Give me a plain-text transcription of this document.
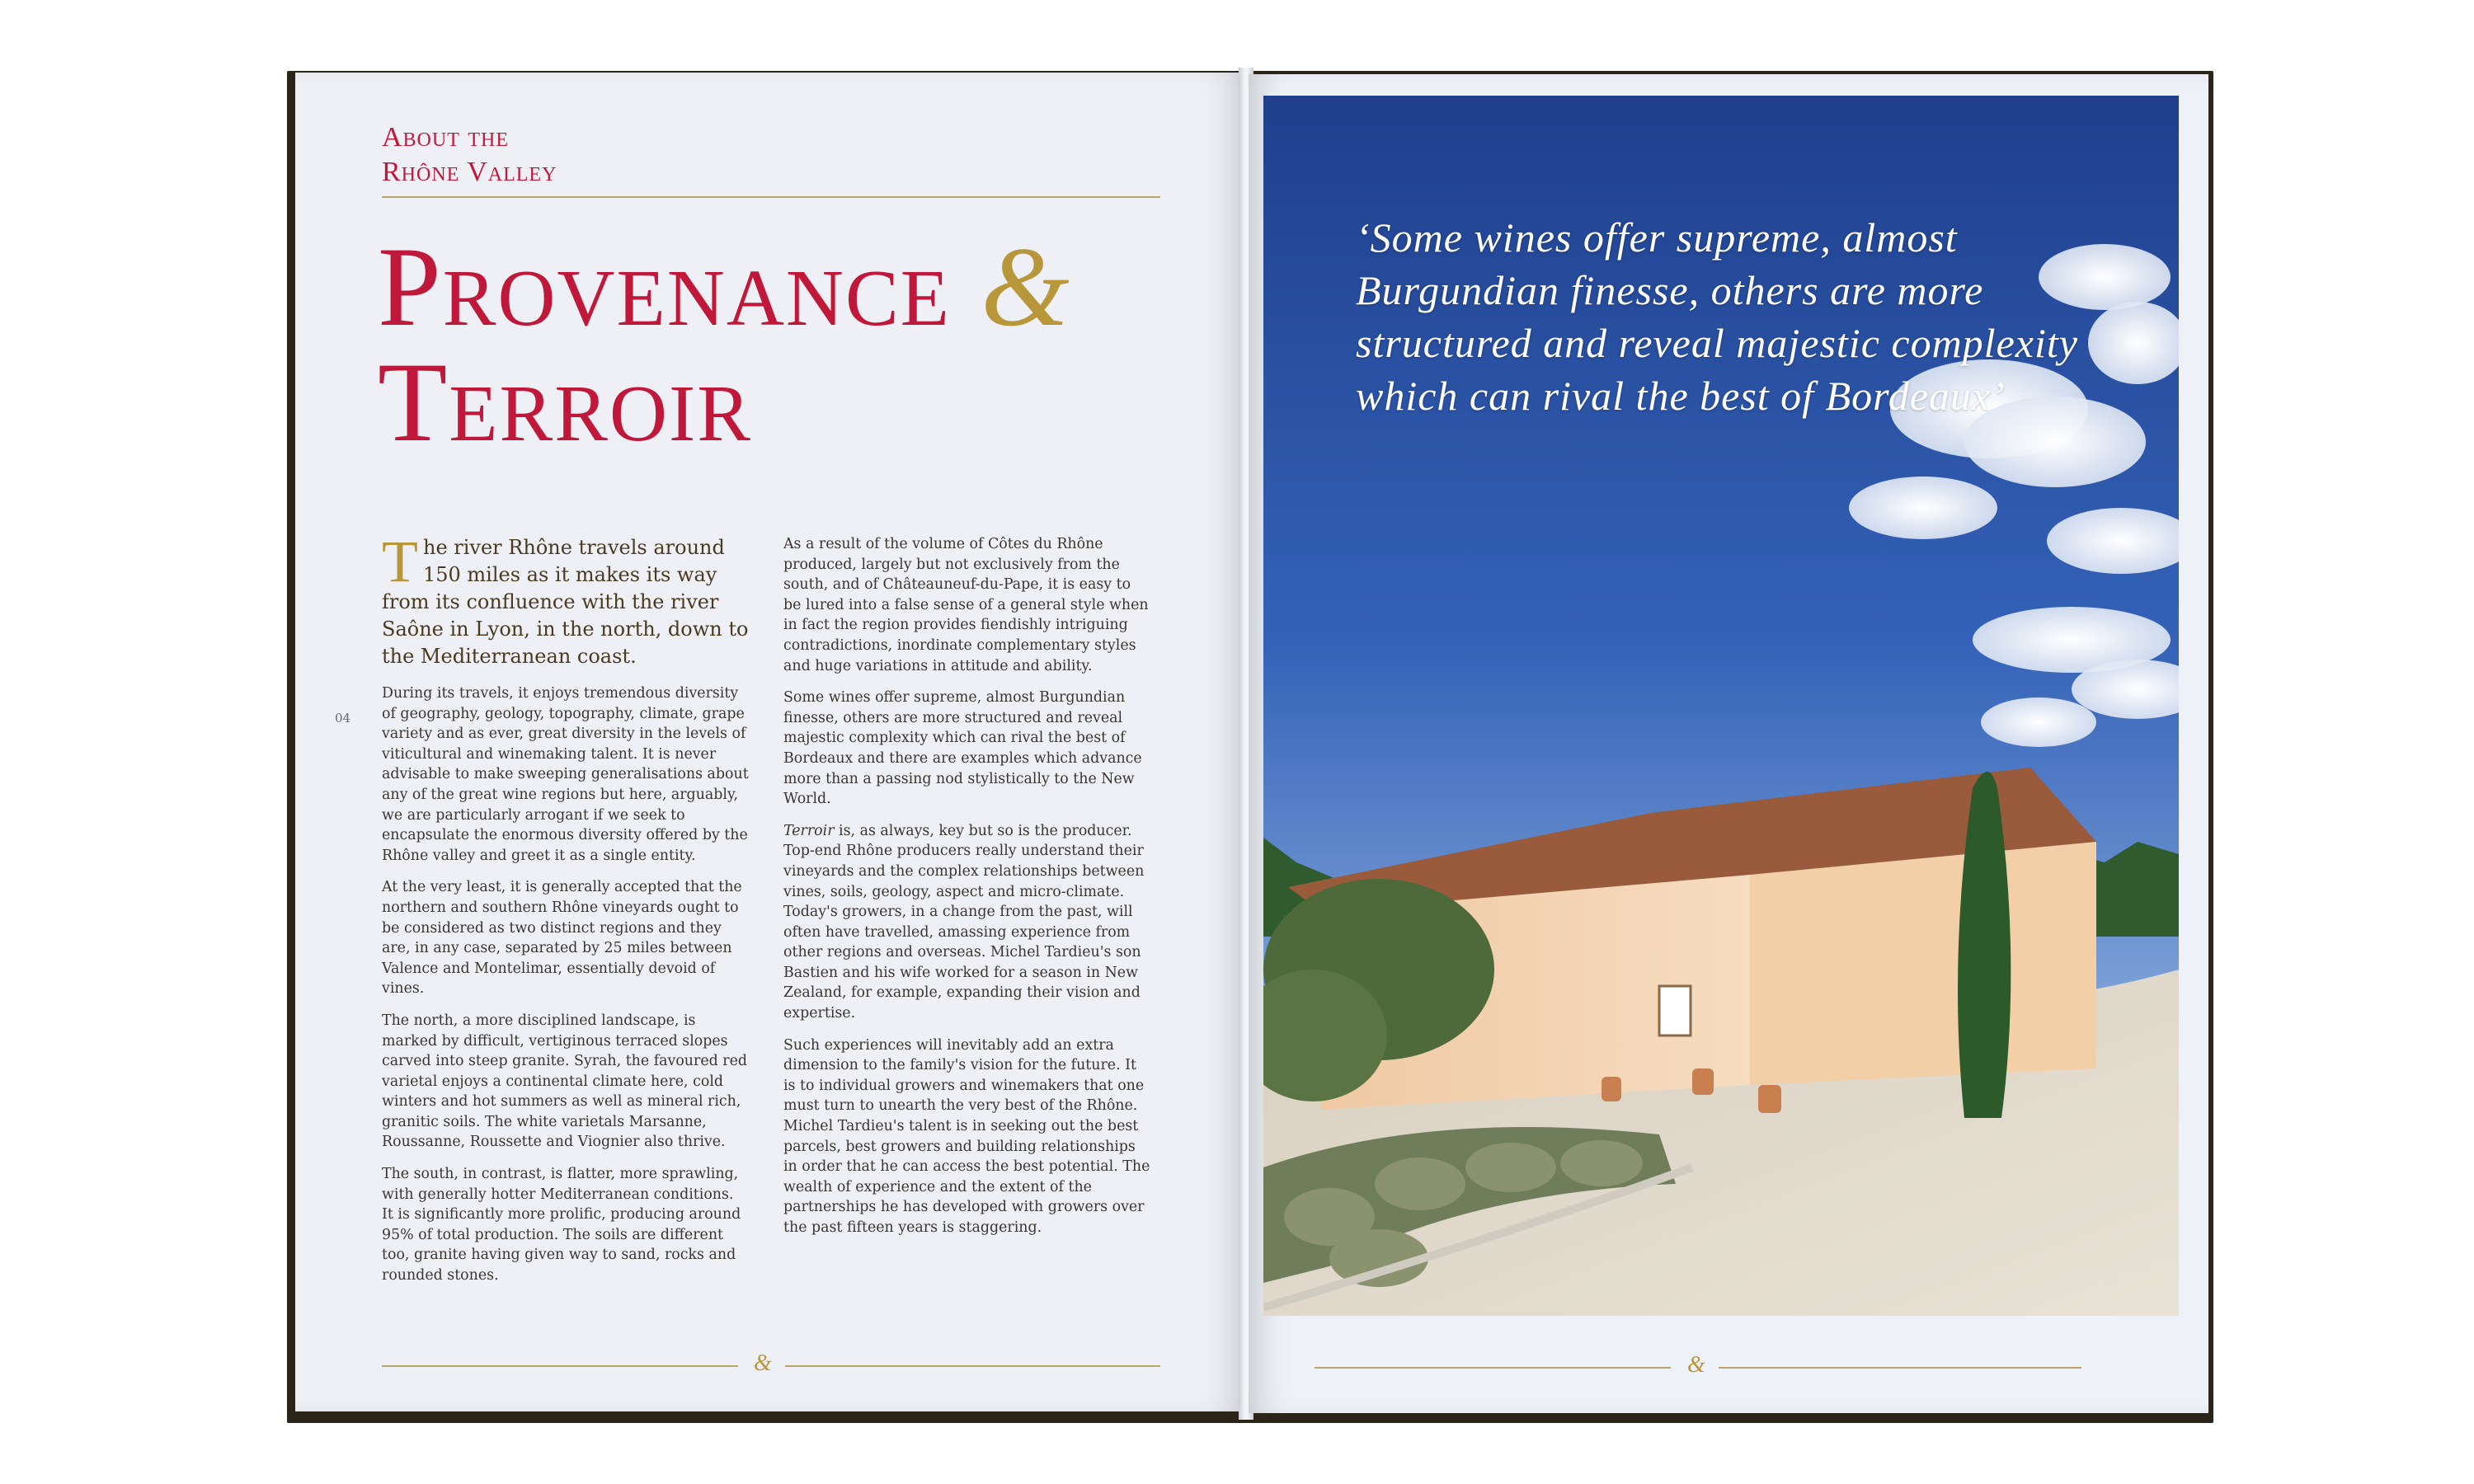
About the
Rhône Valley
Provenance &
Terroir
04

The river Rhône travels around 150 miles as it makes its way from its confluence with the river Saône in Lyon, in the north, down to the Mediterranean coast.

During its travels, it enjoys tremendous diversity of geography, geology, topography, climate, grape variety and as ever, great diversity in the levels of viticultural and winemaking talent. It is never advisable to make sweeping generalisations about any of the great wine regions but here, arguably, we are particularly arrogant if we seek to encapsulate the enormous diversity offered by the Rhône valley and greet it as a single entity.

At the very least, it is generally accepted that the northern and southern Rhône vineyards ought to be considered as two distinct regions and they are, in any case, separated by 25 miles between Valence and Montelimar, essentially devoid of vines.

The north, a more disciplined landscape, is marked by difficult, vertiginous terraced slopes carved into steep granite. Syrah, the favoured red varietal enjoys a continental climate here, cold winters and hot summers as well as mineral rich, granitic soils. The white varietals Marsanne, Roussanne, Roussette and Viognier also thrive.

The south, in contrast, is flatter, more sprawling, with generally hotter Mediterranean conditions. It is significantly more prolific, producing around 95% of total production. The soils are different too, granite having given way to sand, rocks and rounded stones.

As a result of the volume of Côtes du Rhône produced, largely but not exclusively from the south, and of Châteauneuf-du-Pape, it is easy to be lured into a false sense of a general style when in fact the region provides fiendishly intriguing contradictions, inordinate complementary styles and huge variations in attitude and ability.

Some wines offer supreme, almost Burgundian finesse, others are more structured and reveal majestic complexity which can rival the best of Bordeaux and there are examples which advance more than a passing nod stylistically to the New World.

Terroir is, as always, key but so is the producer. Top-end Rhône producers really understand their vineyards and the complex relationships between vines, soils, geology, aspect and micro-climate. Today's growers, in a change from the past, will often have travelled, amassing experience from other regions and overseas. Michel Tardieu's son Bastien and his wife worked for a season in New Zealand, for example, expanding their vision and expertise.

Such experiences will inevitably add an extra dimension to the family's vision for the future. It is to individual growers and winemakers that one must turn to unearth the very best of the Rhône. Michel Tardieu's talent is in seeking out the best parcels, best growers and building relationships in order that he can access the best potential. The wealth of experience and the extent of the partnerships he has developed with growers over the past fifteen years is staggering.

&
‘Some wines offer supreme, almost Burgundian finesse, others are more structured and reveal majestic complexity which can rival the best of Bordeaux’
&
